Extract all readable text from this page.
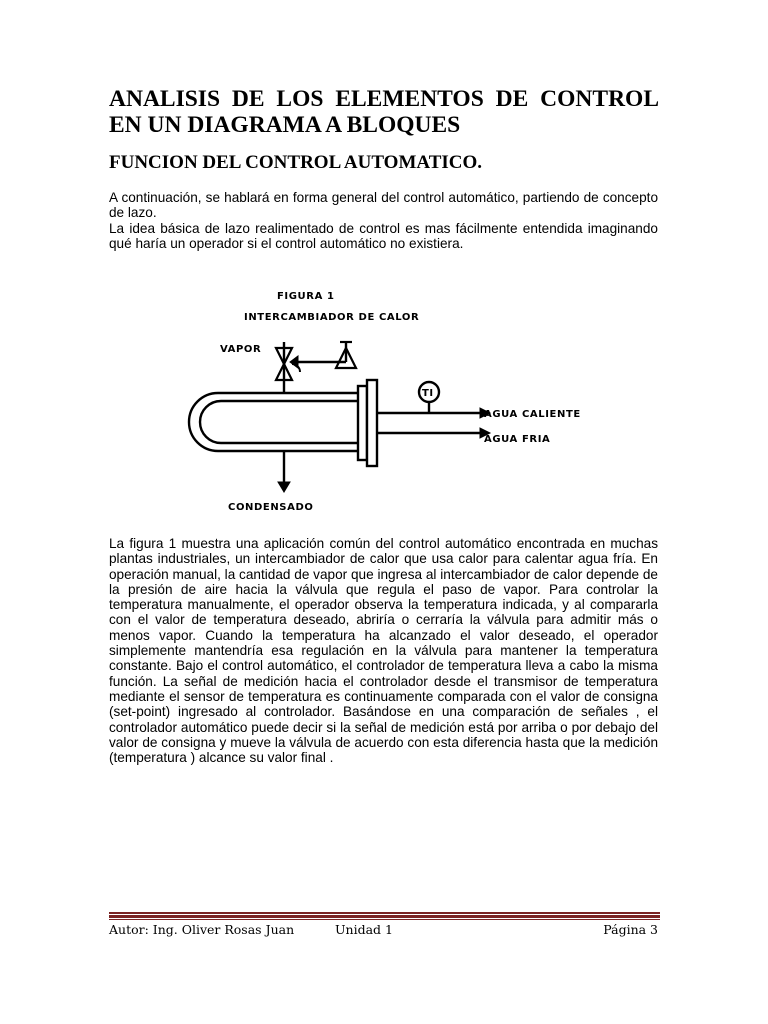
ANALISIS DE LOS ELEMENTOS DE CONTROL
EN UN DIAGRAMA A BLOQUES
FUNCION DEL CONTROL AUTOMATICO.
A continuación, se hablará en forma general del control automático, partiendo de concepto de lazo.
La idea básica de lazo realimentado de control es mas fácilmente entendida imaginando qué haría un operador si el control automático no existiera.
FIGURA 1
INTERCAMBIADOR DE CALOR
VAPOR
TI
AGUA CALIENTE
AGUA FRIA
CONDENSADO
La figura 1 muestra una aplicación común del control automático encontrada en muchas plantas industriales, un intercambiador de calor que usa calor para calentar agua fría. En operación manual, la cantidad de vapor que ingresa al intercambiador de calor depende de la presión de aire hacia la válvula que regula el paso de vapor. Para controlar la temperatura manualmente, el operador observa la temperatura indicada, y al compararla con el valor de temperatura deseado, abriría o cerraría la válvula para admitir más o menos vapor. Cuando la temperatura ha alcanzado el valor deseado, el operador simplemente mantendría esa regulación en la válvula para mantener la temperatura constante. Bajo el control automático, el controlador de temperatura lleva a cabo la misma función. La señal de medición hacia el controlador desde el transmisor de temperatura mediante el sensor de temperatura es continuamente comparada con el valor de consigna (set-point) ingresado al controlador. Basándose en una comparación de señales , el controlador automático puede decir si la señal de medición está por arriba o por debajo del valor de consigna y mueve la válvula de acuerdo con esta diferencia hasta que la medición (temperatura ) alcance su valor final .
Autor: Ing. Oliver Rosas Juan	Unidad 1	Página 3
